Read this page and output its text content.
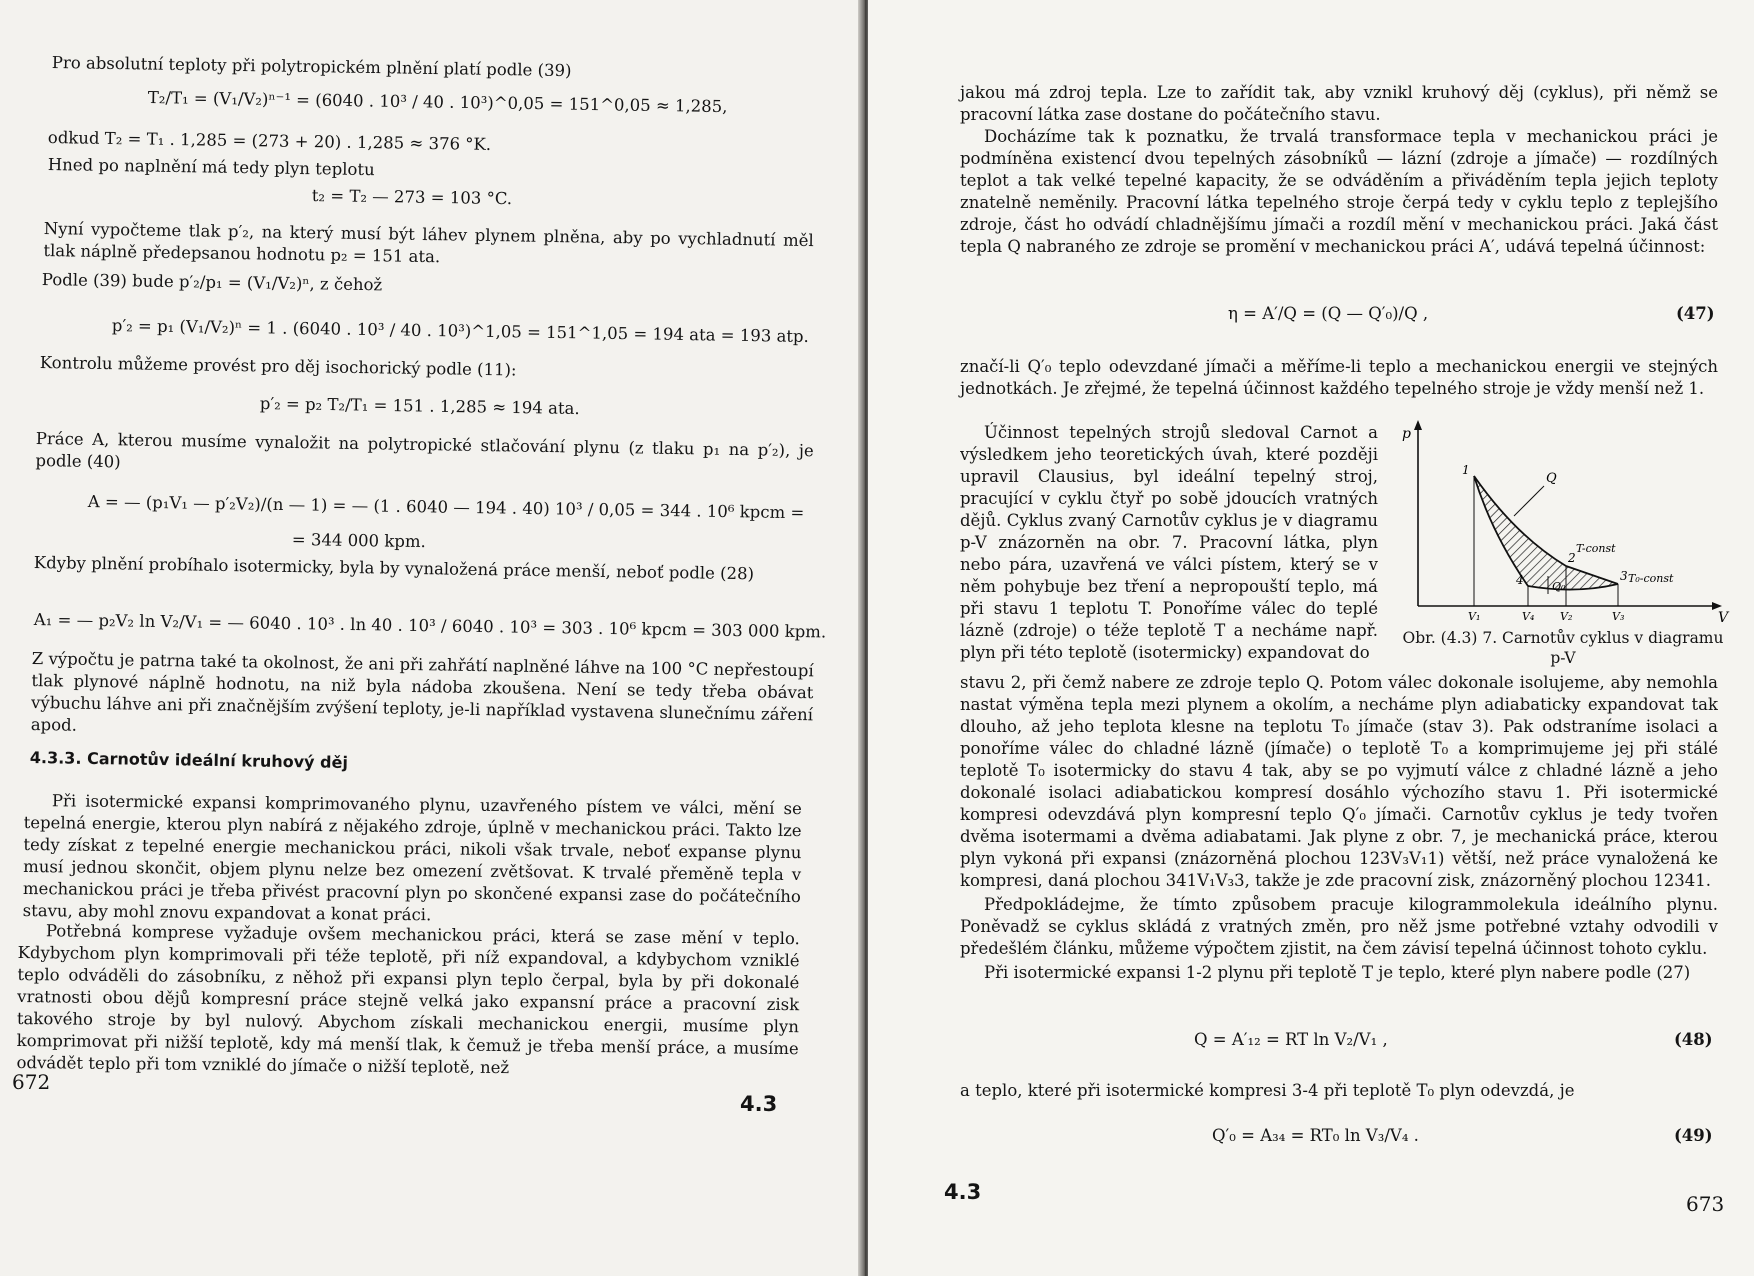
Pro absolutní teploty při polytropickém plnění platí podle (39)
T₂/T₁ = (V₁/V₂)ⁿ⁻¹ = (6040 . 10³ / 40 . 10³)^0,05 = 151^0,05 ≈ 1,285,
odkud T₂ = T₁ . 1,285 = (273 + 20) . 1,285 ≈ 376 °K.
Hned po naplnění má tedy plyn teplotu
t₂ = T₂ — 273 = 103 °C.
Nyní vypočteme tlak p′₂, na který musí být láhev plynem plněna, aby po vychladnutí měl tlak náplně předepsanou hodnotu p₂ = 151 ata.
Podle (39) bude p′₂/p₁ = (V₁/V₂)ⁿ, z čehož
p′₂ = p₁ (V₁/V₂)ⁿ = 1 . (6040 . 10³ / 40 . 10³)^1,05 = 151^1,05 = 194 ata = 193 atp.
Kontrolu můžeme provést pro děj isochorický podle (11):
p′₂ = p₂ T₂/T₁ = 151 . 1,285 ≈ 194 ata.
Práce A, kterou musíme vynaložit na polytropické stlačování plynu (z tlaku p₁ na p′₂), je podle (40)
A = — (p₁V₁ — p′₂V₂)/(n — 1) = — (1 . 6040 — 194 . 40) 10³ / 0,05 = 344 . 10⁶ kpcm =
= 344 000 kpm.
Kdyby plnění probíhalo isotermicky, byla by vynaložená práce menší, neboť podle (28)
A₁ = — p₂V₂ ln V₂/V₁ = — 6040 . 10³ . ln 40 . 10³ / 6040 . 10³ = 303 . 10⁶ kpcm = 303 000 kpm.
Z výpočtu je patrna také ta okolnost, že ani při zahřátí naplněné láhve na 100 °C nepřestoupí tlak plynové náplně hodnotu, na niž byla nádoba zkoušena. Není se tedy třeba obávat výbuchu láhve ani při značnějším zvýšení teploty, je-li například vystavena slunečnímu záření apod.
4.3.3. Carnotův ideální kruhový děj
Při isotermické expansi komprimovaného plynu, uzavřeného pístem ve válci, mění se tepelná energie, kterou plyn nabírá z nějakého zdroje, úplně v mechanickou práci. Takto lze tedy získat z tepelné energie mechanickou práci, nikoli však trvale, neboť expanse plynu musí jednou skončit, objem plynu nelze bez omezení zvětšovat. K trvalé přeměně tepla v mechanickou práci je třeba přivést pracovní plyn po skončené expansi zase do počátečního stavu, aby mohl znovu expandovat a konat práci.
Potřebná komprese vyžaduje ovšem mechanickou práci, která se zase mění v teplo. Kdybychom plyn komprimovali při téže teplotě, při níž expandoval, a kdybychom vzniklé teplo odváděli do zásobníku, z něhož při expansi plyn teplo čerpal, byla by při dokonalé vratnosti obou dějů kompresní práce stejně velká jako expansní práce a pracovní zisk takového stroje by byl nulový. Abychom získali mechanickou energii, musíme plyn komprimovat při nižší teplotě, kdy má menší tlak, k čemuž je třeba menší práce, a musíme odvádět teplo při tom vzniklé do jímače o nižší teplotě, než
672
4.3
jakou má zdroj tepla. Lze to zařídit tak, aby vznikl kruhový děj (cyklus), při němž se pracovní látka zase dostane do počátečního stavu.
Docházíme tak k poznatku, že trvalá transformace tepla v mechanickou práci je podmíněna existencí dvou tepelných zásobníků — lázní (zdroje a jímače) — rozdílných teplot a tak velké tepelné kapacity, že se odváděním a přiváděním tepla jejich teploty znatelně neměnily. Pracovní látka tepelného stroje čerpá tedy v cyklu teplo z teplejšího zdroje, část ho odvádí chladnějšímu jímači a rozdíl mění v mechanickou práci. Jaká část tepla Q nabraného ze zdroje se promění v mechanickou práci A′, udává tepelná účinnost:
η = A′/Q = (Q — Q′₀)/Q ,	(47)
značí-li Q′₀ teplo odevzdané jímači a měříme-li teplo a mechanickou energii ve stejných jednotkách. Je zřejmé, že tepelná účinnost každého tepelného stroje je vždy menší než 1.
Účinnost tepelných strojů sledoval Carnot a výsledkem jeho teoretických úvah, které později upravil Clausius, byl ideální tepelný stroj, pracující v cyklu čtyř po sobě jdoucích vratných dějů. Cyklus zvaný Carnotův cyklus je v diagramu p-V znázorněn na obr. 7. Pracovní látka, plyn nebo pára, uzavřená ve válci pístem, který se v něm pohybuje bez tření a nepropouští teplo, má při stavu 1 teplotu T. Ponoříme válec do teplé lázně (zdroje) o téže teplotě T a necháme např. plyn při této teplotě (isotermicky) expandovat do
p
V
1
2
3
4
Q
Q₀
T-const
T₀-const
V₁	V₄ V₂	V₃
Obr. (4.3) 7. Carnotův cyklus v diagramu p-V
stavu 2, při čemž nabere ze zdroje teplo Q. Potom válec dokonale isolujeme, aby nemohla nastat výměna tepla mezi plynem a okolím, a necháme plyn adiabaticky expandovat tak dlouho, až jeho teplota klesne na teplotu T₀ jímače (stav 3). Pak odstraníme isolaci a ponoříme válec do chladné lázně (jímače) o teplotě T₀ a komprimujeme jej při stálé teplotě T₀ isotermicky do stavu 4 tak, aby se po vyjmutí válce z chladné lázně a jeho dokonalé isolaci adiabatickou kompresí dosáhlo výchozího stavu 1. Při isotermické kompresi odevzdává plyn kompresní teplo Q′₀ jímači. Carnotův cyklus je tedy tvořen dvěma isotermami a dvěma adiabatami. Jak plyne z obr. 7, je mechanická práce, kterou plyn vykoná při expansi (znázorněná plochou 123V₃V₁1) větší, než práce vynaložená ke kompresi, daná plochou 341V₁V₃3, takže je zde pracovní zisk, znázorněný plochou 12341.
Předpokládejme, že tímto způsobem pracuje kilogrammolekula ideálního plynu. Poněvadž se cyklus skládá z vratných změn, pro něž jsme potřebné vztahy odvodili v předešlém článku, můžeme výpočtem zjistit, na čem závisí tepelná účinnost tohoto cyklu.
Při isotermické expansi 1-2 plynu při teplotě T je teplo, které plyn nabere podle (27)
Q = A′₁₂ = RT ln V₂/V₁ ,	(48)
a teplo, které při isotermické kompresi 3-4 při teplotě T₀ plyn odevzdá, je
Q′₀ = A₃₄ = RT₀ ln V₃/V₄ .	(49)
4.3	673
